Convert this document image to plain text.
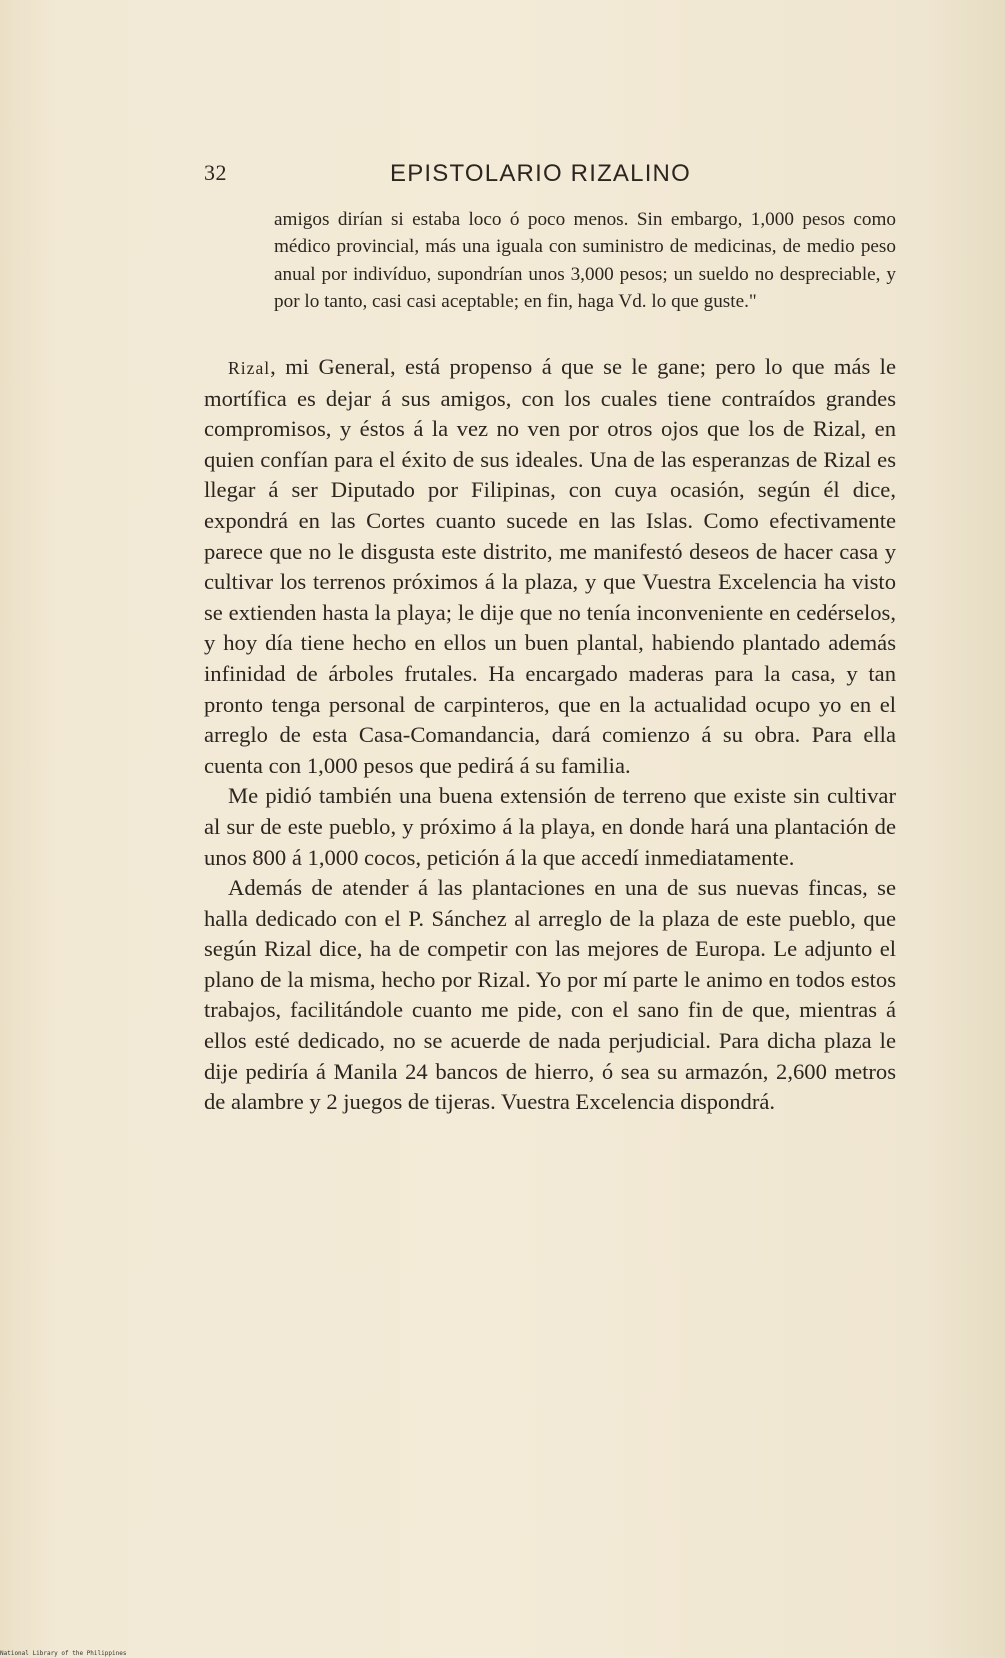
32	EPISTOLARIO RIZALINO

amigos dirían si estaba loco ó poco menos. Sin embargo, 1,000 pesos como médico provincial, más una iguala con suministro de medicinas, de medio peso anual por indivíduo, supondrían unos 3,000 pesos; un sueldo no despreciable, y por lo tanto, casi casi aceptable; en fin, haga Vd. lo que guste."

Rizal, mi General, está propenso á que se le gane; pero lo que más le mortífica es dejar á sus amigos, con los cuales tiene contraídos grandes compromisos, y éstos á la vez no ven por otros ojos que los de Rizal, en quien confían para el éxito de sus ideales. Una de las esperanzas de Rizal es llegar á ser Diputado por Filipinas, con cuya ocasión, según él dice, expondrá en las Cortes cuanto sucede en las Islas. Como efectivamente parece que no le disgusta este distrito, me manifestó deseos de hacer casa y cultivar los terrenos próximos á la plaza, y que Vuestra Excelencia ha visto se extienden hasta la playa; le dije que no tenía inconveniente en cedérselos, y hoy día tiene hecho en ellos un buen plantal, habiendo plantado además infinidad de árboles frutales. Ha encargado maderas para la casa, y tan pronto tenga personal de carpinteros, que en la actualidad ocupo yo en el arreglo de esta Casa-Comandancia, dará comienzo á su obra. Para ella cuenta con 1,000 pesos que pedirá á su familia.

Me pidió también una buena extensión de terreno que existe sin cultivar al sur de este pueblo, y próximo á la playa, en donde hará una plantación de unos 800 á 1,000 cocos, petición á la que accedí inmediatamente.

Además de atender á las plantaciones en una de sus nuevas fincas, se halla dedicado con el P. Sánchez al arreglo de la plaza de este pueblo, que según Rizal dice, ha de competir con las mejores de Europa. Le adjunto el plano de la misma, hecho por Rizal. Yo por mí parte le animo en todos estos trabajos, facilitándole cuanto me pide, con el sano fin de que, mientras á ellos esté dedicado, no se acuerde de nada perjudicial. Para dicha plaza le dije pediría á Manila 24 bancos de hierro, ó sea su armazón, 2,600 metros de alambre y 2 juegos de tijeras. Vuestra Excelencia dispondrá.

National Library of the Philippines
